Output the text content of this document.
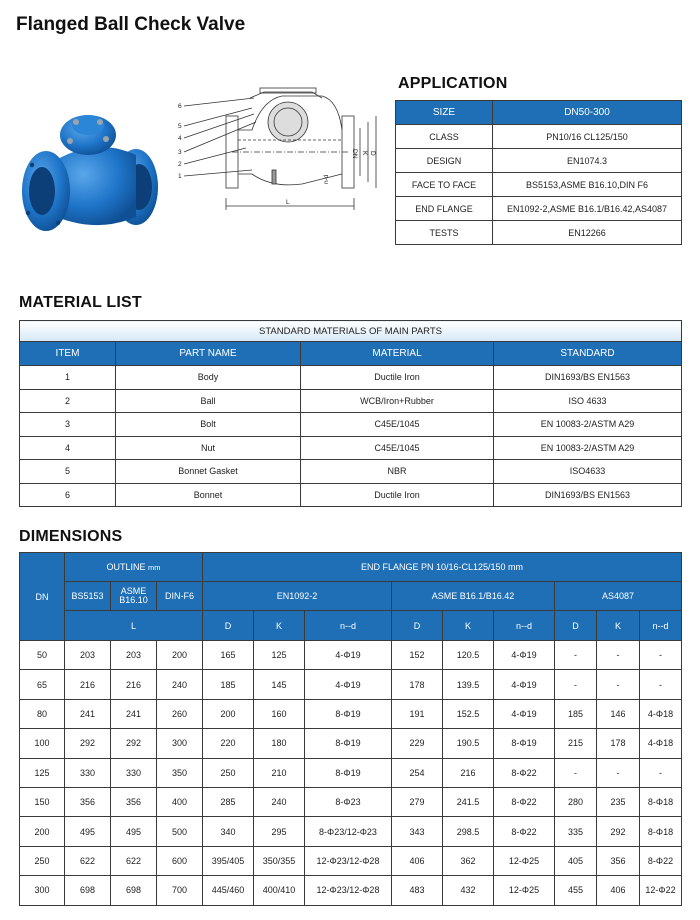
Flanged Ball Check Valve
6
5
4
3
2
1
L
DN K D
n-d
APPLICATION
SIZE	DN50-300
CLASS	PN10/16 CL125/150
DESIGN	EN1074.3
FACE TO FACE	BS5153,ASME B16.10,DIN F6
END FLANGE	EN1092-2,ASME B16.1/B16.42,AS4087
TESTS	EN12266
MATERIAL LIST
STANDARD MATERIALS OF MAIN PARTS			
ITEM	PART NAME	MATERIAL	STANDARD
1	Body	Ductile Iron	DIN1693/BS EN1563
2	Ball	WCB/Iron+Rubber	ISO 4633
3	Bolt	C45E/1045	EN 10083-2/ASTM A29
4	Nut	C45E/1045	EN 10083-2/ASTM A29
5	Bonnet Gasket	NBR	ISO4633
6	Bonnet	Ductile Iron	DIN1693/BS EN1563
DIMENSIONS
DN	OUTLINE mm			END FLANGE PN 10/16-CL125/150 mm								
	BS5153	ASME
B16.10	DIN-F6	EN1092-2			ASME B16.1/B16.42			AS4087		
	L			D	K	n--d	D	K	n--d	D	K	n--d
50	203	203	200	165	125	4-Φ19	152	120.5	4-Φ19	-	-	-
65	216	216	240	185	145	4-Φ19	178	139.5	4-Φ19	-	-	-
80	241	241	260	200	160	8-Φ19	191	152.5	4-Φ19	185	146	4-Φ18
100	292	292	300	220	180	8-Φ19	229	190.5	8-Φ19	215	178	4-Φ18
125	330	330	350	250	210	8-Φ19	254	216	8-Φ22	-	-	-
150	356	356	400	285	240	8-Φ23	279	241.5	8-Φ22	280	235	8-Φ18
200	495	495	500	340	295	8-Φ23/12-Φ23	343	298.5	8-Φ22	335	292	8-Φ18
250	622	622	600	395/405	350/355	12-Φ23/12-Φ28	406	362	12-Φ25	405	356	8-Φ22
300	698	698	700	445/460	400/410	12-Φ23/12-Φ28	483	432	12-Φ25	455	406	12-Φ22
